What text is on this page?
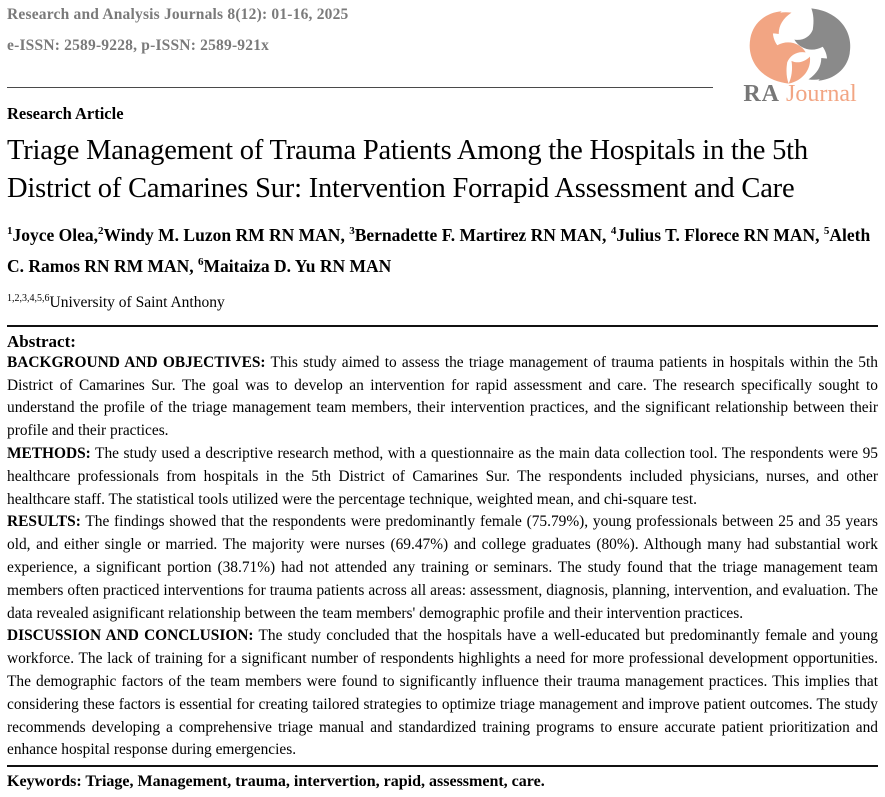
Research and Analysis Journals 8(12): 01-16, 2025
e-ISSN: 2589-9228, p-ISSN: 2589-921x
RA Journal
Research Article
Triage Management of Trauma Patients Among the Hospitals in the 5th District of Camarines Sur: Intervention Forrapid Assessment and Care
$^1$Joyce Olea,$^2$Windy M. Luzon RM RN MAN, $^3$Bernadette F. Martirez RN MAN, $^4$Julius T. Florece RN MAN, $^5$Aleth C. Ramos RN RM MAN, $^6$Maitaiza D. Yu RN MAN
$^{1,2,3,4,5,6}$University of Saint Anthony
Abstract:

BACKGROUND AND OBJECTIVES: This study aimed to assess the triage management of trauma patients in hospitals within the 5th District of Camarines Sur. The goal was to develop an intervention for rapid assessment and care. The research specifically sought to understand the profile of the triage management team members, their intervention practices, and the significant relationship between their profile and their practices.

METHODS: The study used a descriptive research method, with a questionnaire as the main data collection tool. The respondents were 95 healthcare professionals from hospitals in the 5th District of Camarines Sur. The respondents included physicians, nurses, and other healthcare staff. The statistical tools utilized were the percentage technique, weighted mean, and chi-square test.

RESULTS: The findings showed that the respondents were predominantly female (75.79%), young professionals between 25 and 35 years old, and either single or married. The majority were nurses (69.47%) and college graduates (80%). Although many had substantial work experience, a significant portion (38.71%) had not attended any training or seminars. The study found that the triage management team members often practiced interventions for trauma patients across all areas: assessment, diagnosis, planning, intervention, and evaluation. The data revealed asignificant relationship between the team members' demographic profile and their intervention practices.

DISCUSSION AND CONCLUSION: The study concluded that the hospitals have a well-educated but predominantly female and young workforce. The lack of training for a significant number of respondents highlights a need for more professional development opportunities. The demographic factors of the team members were found to significantly influence their trauma management practices. This implies that considering these factors is essential for creating tailored strategies to optimize triage management and improve patient outcomes. The study recommends developing a comprehensive triage manual and standardized training programs to ensure accurate patient prioritization and enhance hospital response during emergencies.

Keywords: Triage, Management, trauma, intervertion, rapid, assessment, care.
